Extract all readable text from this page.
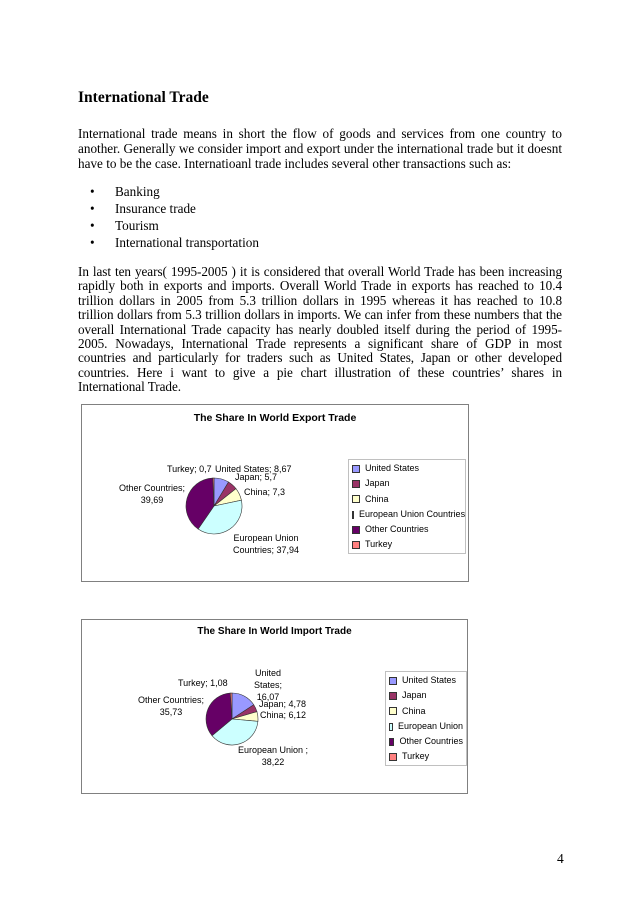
International Trade

International trade means in short the flow of goods and services from one country to another. Generally we consider import and export under the international trade but it doesnt have to be the case. Internatioanl trade includes several other transactions such as:

• Banking
• Insurance trade
• Tourism
• International transportation

In last ten years( 1995-2005 ) it is considered that overall World Trade has been increasing rapidly both in exports and imports. Overall World Trade in exports has reached to 10.4 trillion dollars in 2005 from 5.3 trillion dollars in 1995 whereas it has reached to 10.8 trillion dollars from 5.3 trillion dollars in imports. We can infer from these numbers that the overall International Trade capacity has nearly doubled itself during the period of 1995-2005. Nowadays, International Trade represents a significant share of GDP in most countries and particularly for traders such as United States, Japan or other developed countries. Here i want to give a pie chart illustration of these countries’ shares in International Trade.

The Share In World Export Trade
Turkey; 0,7 United States; 8,67
Japan; 5,7
China; 7,3
Other Countries; 39,69
European Union Countries; 37,94
United States
Japan
China
European Union Countries
Other Countries
Turkey
The Share In World Import Trade
Turkey; 1,08
United States; 16,07
Japan; 4,78
China; 6,12
Other Countries; 35,73
European Union ; 38,22
United States
Japan
China
European Union
Other Countries
Turkey
4
